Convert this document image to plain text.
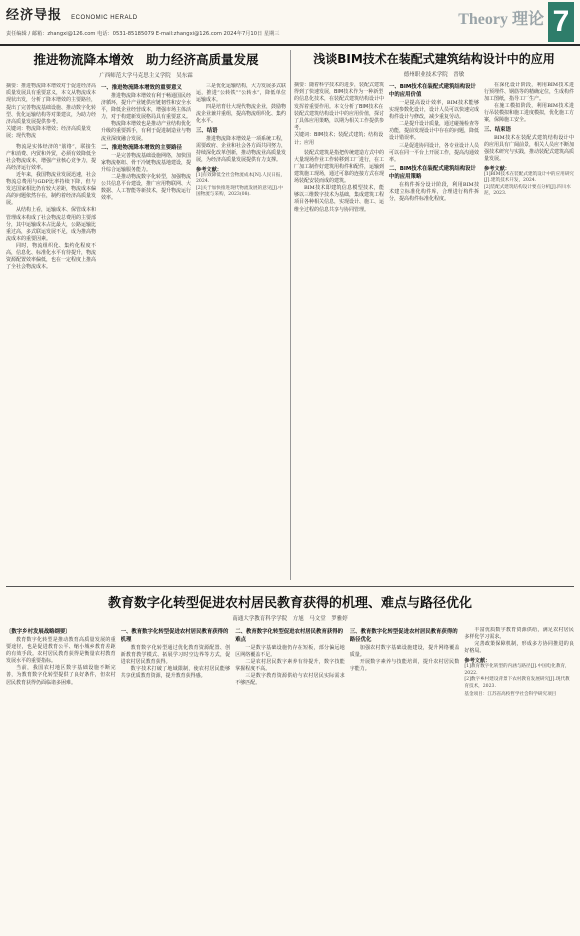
经济导报 ECONOMIC HERALD
责任编辑 / 邮箱：zhangxi@126.com 电话：0531-85185079 E-mail:zhangxi@126.com 2024年7月10日 星期三
Theory 理论 7
推进物流降本增效　助力经济高质量发展
广西师范大学马克思主义学院　吴东霖
摘要：推进物流降本增效对于促进经济高质量发展具有重要意义，本文从物流成本现状出发，分析了降本增效的主要路径，提出了完善物流基础设施、推动数字化转型、优化运输结构等对策建议，为助力经济高质量发展提供参考。
关键词：物流降本增效；经济高质量发展；现代物流

物流是实体经济的“筋络”，联接生产和消费、内贸和外贸，必须有效降低全社会物流成本，增强产业核心竞争力，提高经济运行效率。

近年来，我国物流业发展迅速，社会物流总费用与GDP比率持续下降，但与发达国家相比仍有较大差距，物流成本偏高的问题依然存在，制约着经济高质量发展。

从结构上看，运输成本、保管成本和管理成本构成了社会物流总费用的主要部分，其中运输成本占比最大，公路运输比重过高，多式联运发展不足，成为推高物流成本的重要因素。

同时，物流组织化、集约化程度不高，信息化、标准化水平有待提升，物流资源配置效率偏低，也在一定程度上推高了全社会物流成本。

一、推进物流降本增效的重要意义

推进物流降本增效有利于畅通国民经济循环，提升产业链供应链韧性和安全水平，降低企业经营成本，增强市场主体活力，对于构建新发展格局具有重要意义。

物流降本增效也是推动产业结构优化升级的重要抓手，有利于促进制造业与物流业深度融合发展。

二、推进物流降本增效的主要路径

一是完善物流基础设施网络，加快国家物流枢纽、骨干冷链物流基地建设，提升综合运输服务能力。

二是推动物流数字化转型，加强物流公共信息平台建设，推广应用物联网、大数据、人工智能等新技术，提升物流运行效率。

三是优化运输结构，大力发展多式联运，推进“公转铁”“公转水”，降低单位运输成本。

四是培育壮大现代物流企业，鼓励物流企业兼并重组，提高物流组织化、集约化水平。

三、结语

推进物流降本增效是一项系统工程，需要政府、企业和社会各方面共同努力，持续深化改革创新，推动物流业高质量发展，为经济高质量发展提供有力支撑。

参考文献：
[1]有效降低全社会物流成本[N].人民日报，2024.
[2]关于加快推进现代物流发展的意见[J].中国物流与采购，2023(08).
浅谈BIM技术在装配式建筑结构设计中的应用
德州职业技术学院　晋敏
摘要：随着科学技术的进步，装配式建筑得到了快速发展，BIM技术作为一种新型的信息化技术，在装配式建筑结构设计中发挥着重要作用。本文分析了BIM技术在装配式建筑结构设计中的应用价值，探讨了具体应用策略，以期为相关工作提供参考。
关键词：BIM技术；装配式建筑；结构设计；应用

装配式建筑是指把传统建造方式中的大量现场作业工作转移到工厂进行，在工厂加工制作好建筑用构件和配件，运输到建筑施工现场，通过可靠的连接方式在现场装配安装而成的建筑。

BIM技术即建筑信息模型技术，能够以三维数字技术为基础，集成建筑工程项目各种相关信息，实现设计、施工、运维全过程的信息共享与协同管理。

一、BIM技术在装配式建筑结构设计中的应用价值

一是提高设计效率，BIM技术能够实现参数化设计，设计人员可以快速完成构件设计与修改，减少重复劳动。

二是提升设计质量，通过碰撞检查等功能，提前发现设计中存在的问题，降低设计错误率。

三是促进协同设计，各专业设计人员可以在同一平台上开展工作，提高沟通效率。

二、BIM技术在装配式建筑结构设计中的应用策略

在构件拆分设计阶段，利用BIM技术建立标准化构件库，合理进行构件拆分，提高构件标准化程度。

在深化设计阶段，利用BIM技术进行预埋件、钢筋等的精确定位，生成构件加工图纸，指导工厂生产。

在施工模拟阶段，利用BIM技术进行吊装模拟和施工进度模拟，优化施工方案，保障施工安全。

三、结束语

BIM技术在装配式建筑结构设计中的应用具有广阔前景，相关人员应不断加强技术研究与实践，推动装配式建筑高质量发展。

参考文献：
[1]BIM技术在装配式建筑设计中的应用研究[J].建筑技术开发，2024.
[2]装配式建筑结构设计要点分析[J].四川水泥，2023.
教育数字化转型促进农村居民教育获得的机理、难点与路径优化
南通大学教育科学学院　方旭　马文堂　罗雅婷
〔数字乡村发展战略纲要〕

教育数字化转型是推动教育高质量发展的重要途径，也是促进教育公平、缩小城乡教育差距的有效手段。农村居民教育获得是衡量农村教育发展水平的重要指标。

当前，我国农村地区数字基础设施不断完善，为教育数字化转型提供了良好条件，但农村居民教育获得仍面临诸多困难。

一、教育数字化转型促进农村居民教育获得的机理

教育数字化转型通过优化教育资源配置、创新教育教学模式、拓展学习时空边界等方式，促进农村居民教育获得。

数字技术打破了地域限制，使农村居民能够共享优质教育资源，提升教育获得感。

二、教育数字化转型促进农村居民教育获得的难点

一是数字基础设施仍存在短板，部分偏远地区网络覆盖不足。

二是农村居民数字素养有待提升，数字技能掌握程度不高。

三是数字教育资源供给与农村居民实际需求不够匹配。

三、教育数字化转型促进农村居民教育获得的路径优化

加强农村数字基础设施建设，提升网络覆盖质量。

开展数字素养与技能培训，提升农村居民数字能力。

丰富优质数字教育资源供给，满足农村居民多样化学习需求。

完善政策保障机制，形成多方协同推进的良好格局。

参考文献：
[1]教育数字化转型的内涵与路径[J].中国电化教育，2022.
[2]数字乡村建设背景下农村教育发展研究[J].现代教育技术，2023.
基金项目：江苏省高校哲学社会科学研究项目
